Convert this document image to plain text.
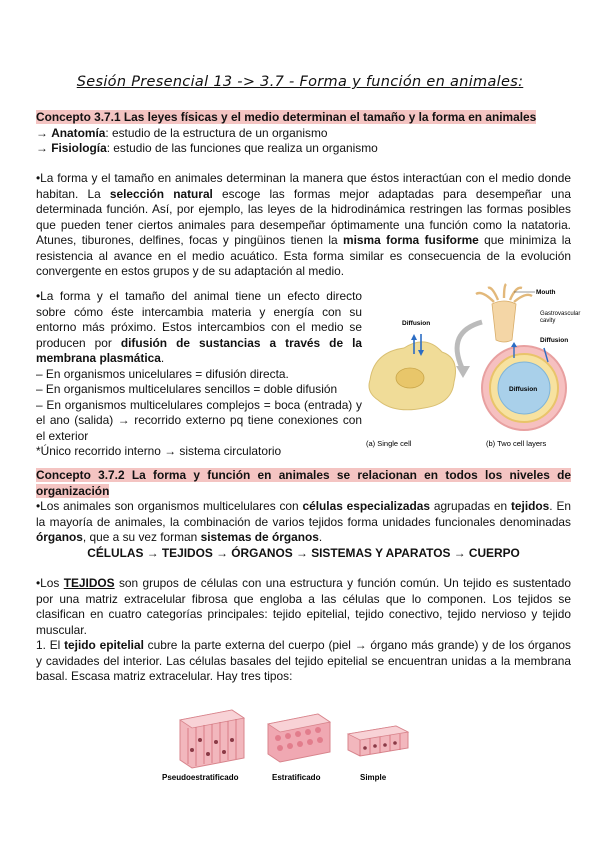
Sesión Presencial 13 -> 3.7 - Forma y función en animales:

Concepto 3.7.1 Las leyes físicas y el medio determinan el tamaño y la forma en animales

→ Anatomía: estudio de la estructura de un organismo

→ Fisiología: estudio de las funciones que realiza un organismo

•La forma y el tamaño en animales determinan la manera que éstos interactúan con el medio donde habitan. La selección natural escoge las formas mejor adaptadas para desempeñar una determinada función. Así, por ejemplo, las leyes de la hidrodinámica restringen las formas posibles que pueden tener ciertos animales para desempeñar óptimamente una función como la natatoria. Atunes, tiburones, delfines, focas y pingüinos tienen la misma forma fusiforme que minimiza la resistencia al avance en el medio acuático. Esta forma similar es consecuencia de la evolución convergente en estos grupos y de su adaptación al medio.

•La forma y el tamaño del animal tiene un efecto directo sobre cómo éste intercambia materia y energía con su entorno más próximo. Estos intercambios con el medio se producen por difusión de sustancias a través de la membrana plasmática.

– En organismos unicelulares = difusión directa.

– En organismos multicelulares sencillos = doble difusión

– En organismos multicelulares complejos = boca (entrada) y el ano (salida) → recorrido externo pq tiene conexiones con el exterior

*Único recorrido interno → sistema circulatorio

Diffusion
Mouth
Gastrovascular
cavity
Diffusion
Diffusion
(a) Single cell	(b) Two cell layers

Concepto 3.7.2 La forma y función en animales se relacionan en todos los niveles de organización

•Los animales son organismos multicelulares con células especializadas agrupadas en tejidos. En la mayoría de animales, la combinación de varios tejidos forma unidades funcionales denominadas órganos, que a su vez forman sistemas de órganos.

CÉLULAS → TEJIDOS → ÓRGANOS → SISTEMAS Y APARATOS → CUERPO

•Los TEJIDOS son grupos de células con una estructura y función común. Un tejido es sustentado por una matriz extracelular fibrosa que engloba a las células que lo componen. Los tejidos se clasifican en cuatro categorías principales: tejido epitelial, tejido conectivo, tejido nervioso y tejido muscular.

1. El tejido epitelial cubre la parte externa del cuerpo (piel → órgano más grande) y de los órganos y cavidades del interior. Las células basales del tejido epitelial se encuentran unidas a la membrana basal. Escasa matriz extracelular. Hay tres tipos:

Pseudoestratificado	Estratificado	Simple
